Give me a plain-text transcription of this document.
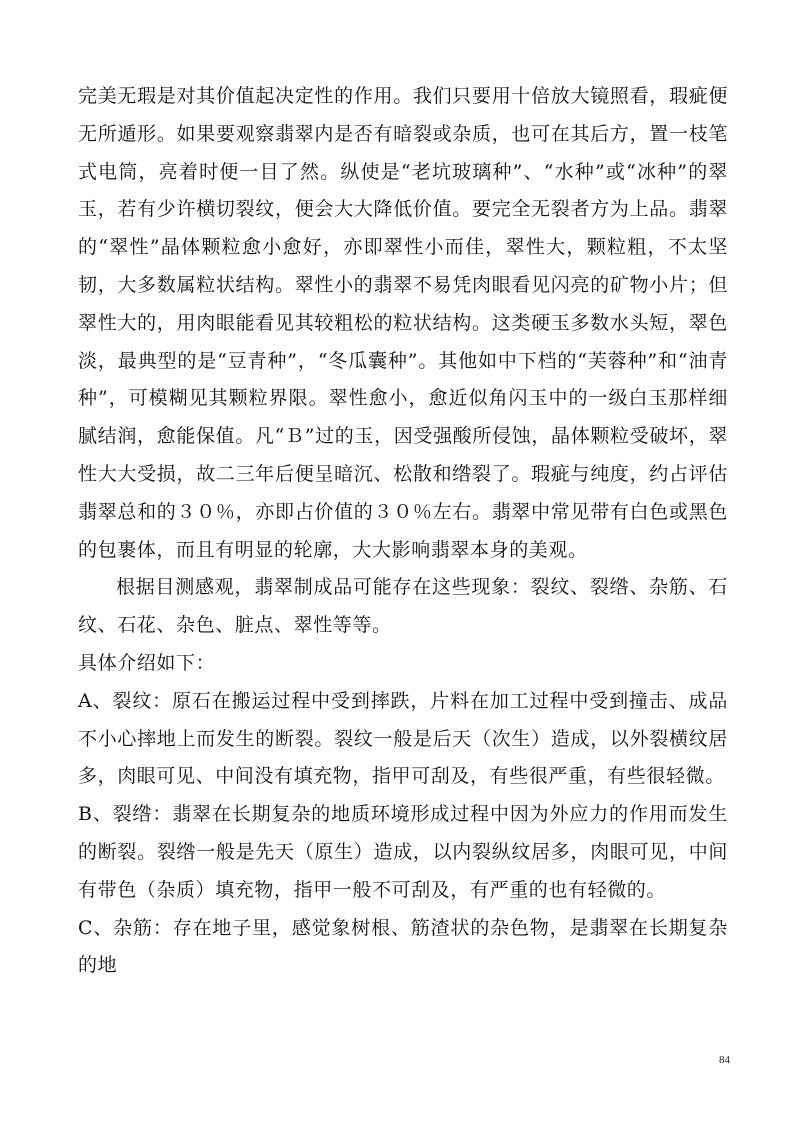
完美无瑕是对其价值起决定性的作用。我们只要用十倍放大镜照看，瑕疵便无所遁形。如果要观察翡翠内是否有暗裂或杂质，也可在其后方，置一枝笔式电筒，亮着时便一目了然。纵使是“老坑玻璃种”、“水种”或“冰种”的翠玉，若有少许横切裂纹，便会大大降低价值。要完全无裂者方为上品。翡翠的“翠性”晶体颗粒愈小愈好，亦即翠性小而佳，翠性大，颗粒粗，不太坚韧，大多数属粒状结构。翠性小的翡翠不易凭肉眼看见闪亮的矿物小片；但翠性大的，用肉眼能看见其较粗松的粒状结构。这类硬玉多数水头短，翠色淡，最典型的是“豆青种”，“冬瓜囊种”。其他如中下档的“芙蓉种”和“油青种”，可模糊见其颗粒界限。翠性愈小，愈近似角闪玉中的一级白玉那样细腻结润，愈能保值。凡“Ｂ”过的玉，因受强酸所侵蚀，晶体颗粒受破坏，翠性大大受损，故二三年后便呈暗沉、松散和绺裂了。瑕疵与纯度，约占评估翡翠总和的３０％，亦即占价值的３０％左右。翡翠中常见带有白色或黑色的包裹体，而且有明显的轮廓，大大影响翡翠本身的美观。

根据目测感观，翡翠制成品可能存在这些现象：裂纹、裂绺、杂筋、石纹、石花、杂色、脏点、翠性等等。

具体介绍如下：

A、裂纹：原石在搬运过程中受到摔跌，片料在加工过程中受到撞击、成品不小心摔地上而发生的断裂。裂纹一般是后天（次生）造成，以外裂横纹居多，肉眼可见、中间没有填充物，指甲可刮及，有些很严重，有些很轻微。

B、裂绺：翡翠在长期复杂的地质环境形成过程中因为外应力的作用而发生的断裂。裂绺一般是先天（原生）造成，以内裂纵纹居多，肉眼可见，中间有带色（杂质）填充物，指甲一般不可刮及，有严重的也有轻微的。

C、杂筋：存在地子里，感觉象树根、筋渣状的杂色物，是翡翠在长期复杂的地

84
